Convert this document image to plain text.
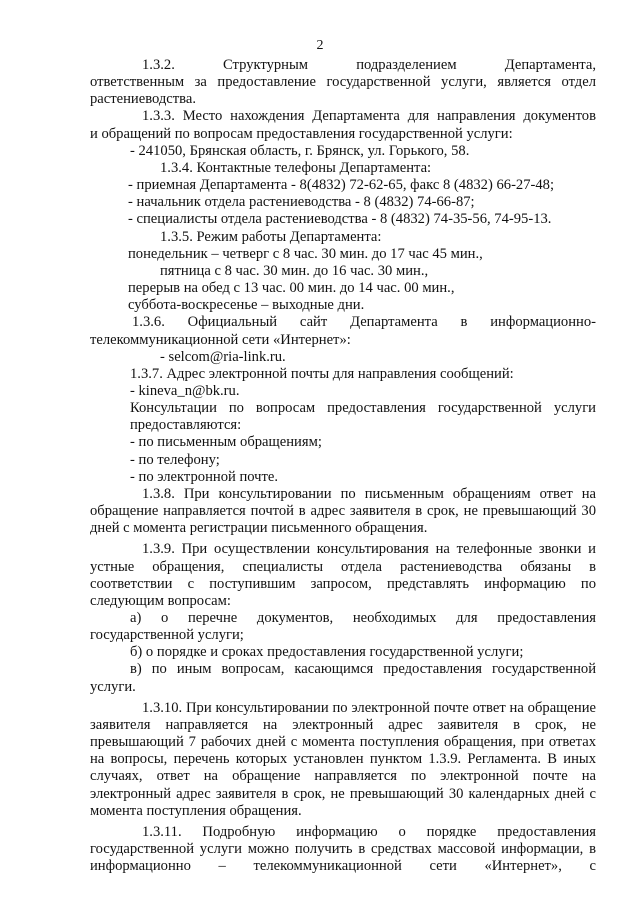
2

1.3.2. Структурным подразделением Департамента,

ответственным за предоставление государственной услуги, является отдел растениеводства.

1.3.3. Место нахождения Департамента для направления документов

и обращений по вопросам предоставления государственной услуги:

- 241050, Брянская область, г. Брянск, ул. Горького, 58.

1.3.4. Контактные телефоны Департамента:

- приемная Департамента - 8(4832) 72-62-65, факс 8 (4832) 66-27-48;

- начальник отдела растениеводства - 8 (4832) 74-66-87;

- специалисты отдела растениеводства - 8 (4832) 74-35-56, 74-95-13.

1.3.5. Режим работы Департамента:

понедельник – четверг с 8 час. 30 мин. до 17 час 45 мин.,

пятница с 8 час. 30 мин. до 16 час. 30 мин.,

перерыв на обед с 13 час. 00 мин. до 14 час. 00 мин.,

суббота-воскресенье – выходные дни.

1.3.6. Официальный сайт Департамента в информационно-

телекоммуникационной сети «Интернет»:

- selcom@ria-link.ru.

1.3.7. Адрес электронной почты для направления сообщений:

- kineva_n@bk.ru.

Консультации по вопросам предоставления государственной услуги предоставляются:

- по письменным обращениям;

- по телефону;

- по электронной почте.

1.3.8. При консультировании по письменным обращениям ответ на обращение направляется почтой в адрес заявителя в срок, не превышающий 30 дней с момента регистрации письменного обращения.

1.3.9. При осуществлении консультирования на телефонные звонки и устные обращения, специалисты отдела растениеводства обязаны в соответствии с поступившим запросом, представлять информацию по следующим вопросам:

а) о перечне документов, необходимых для предоставления государственной услуги;

б) о порядке и сроках предоставления государственной услуги;

в) по иным вопросам, касающимся предоставления государственной услуги.

1.3.10. При консультировании по электронной почте ответ на обращение заявителя направляется на электронный адрес заявителя в срок, не превышающий 7 рабочих дней с момента поступления обращения, при ответах на вопросы, перечень которых установлен пунктом 1.3.9. Регламента. В иных случаях, ответ на обращение направляется по электронной почте на электронный адрес заявителя в срок, не превышающий 30 календарных дней с момента поступления обращения.

1.3.11. Подробную информацию о порядке предоставления государственной услуги можно получить в средствах массовой информации, в информационно – телекоммуникационной сети «Интернет», с
